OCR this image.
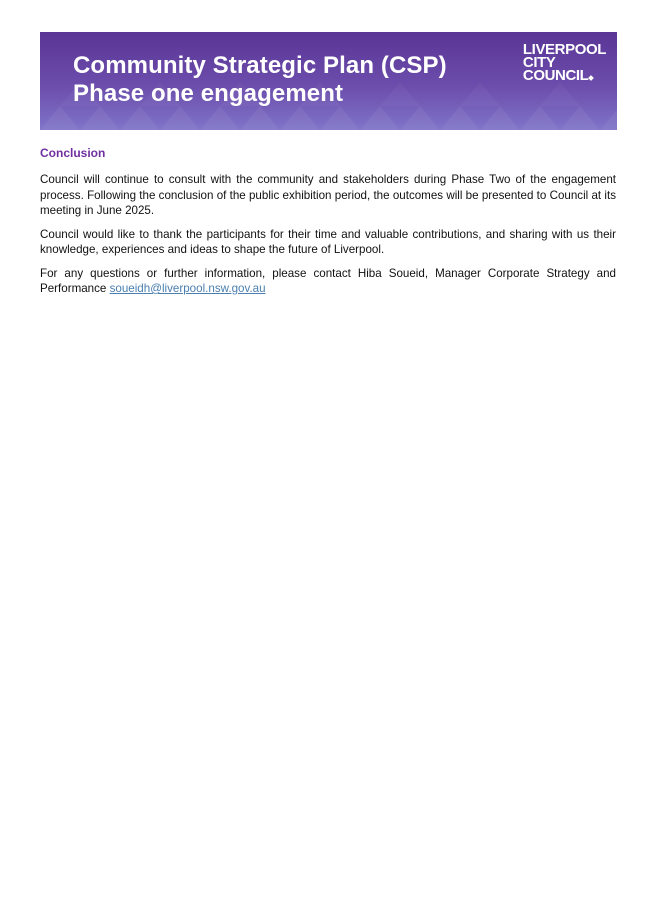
Community Strategic Plan (CSP)
Phase one engagement
LIVERPOOL
CITY
COUNCIL
Conclusion

Council will continue to consult with the community and stakeholders during Phase Two of the engagement process. Following the conclusion of the public exhibition period, the outcomes will be presented to Council at its meeting in June 2025.

Council would like to thank the participants for their time and valuable contributions, and sharing with us their knowledge, experiences and ideas to shape the future of Liverpool.

For any questions or further information, please contact Hiba Soueid, Manager Corporate Strategy and Performance soueidh@liverpool.nsw.gov.au
